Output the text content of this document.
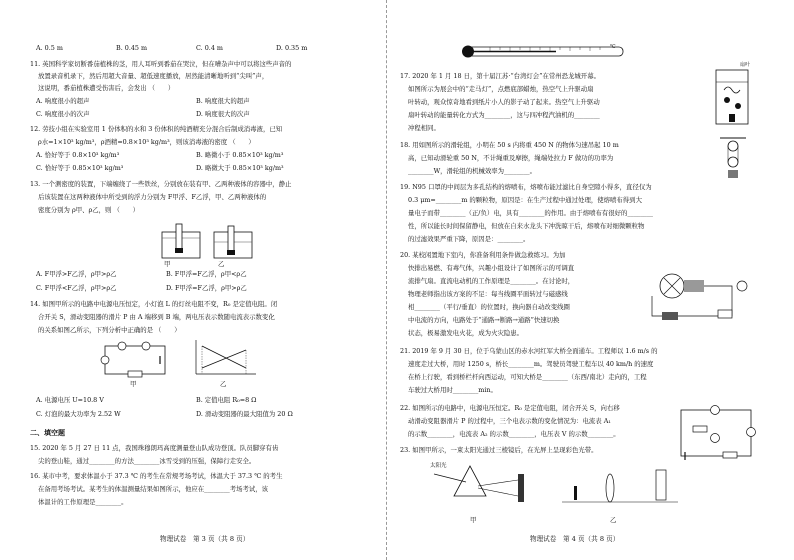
A. 0.5 m	B. 0.45 m	C. 0.4 m	D. 0.35 m
11. 英国科学家切断番茄植株的茎，用人耳听到番茄在哭泣，但在嘈杂声中可以将这些声音的
放置录音机录下，然后用超大音量、超低速度播放，居然能清晰地听到“尖叫”声，
这说明，番茄植株遭受伤害后，会发出 （　　）
A. 响度很小的超声	B. 响度很大的超声
C. 响度很小的次声	D. 响度很大的次声
12. 劳技小组在实验室用 1 份体积的水和 3 份体积的纯酒精充分混合后制成消毒液，已知
ρ水=1×10³ kg/m³，ρ酒精=0.8×10³ kg/m³，则该消毒液的密度 （　　）
A. 恰好等于 0.8×10³ kg/m³	B. 略微小于 0.85×10³ kg/m³
C. 恰好等于 0.85×10³ kg/m³	D. 略微大于 0.85×10³ kg/m³
13. 一个测密度的装置，下端缠绕了一些铁丝，分别放在装有甲、乙两种液体的容器中，静止
后该装置在这两种液体中所受到的浮力分别为 F甲浮、F乙浮，甲、乙两种液体的
密度分别为 ρ甲、ρ乙，则 （　　）
甲	乙
A. F甲浮>F乙浮，ρ甲>ρ乙	B. F甲浮=F乙浮，ρ甲<ρ乙
C. F甲浮<F乙浮，ρ甲>ρ乙	D. F甲浮=F乙浮，ρ甲>ρ乙
14. 如图甲所示的电路中电源电压恒定，小灯泡 L 的灯丝电阻不变，R₀ 是定值电阻。闭
合开关 S，滑动变阻器的滑片 P 由 A 端移到 B 端，两电压表示数随电流表示数变化
的关系如图乙所示，下列分析中正确的是 （　　）
甲	乙
A. 电源电压 U=10.8 V	B. 定值电阻 R₀=8 Ω
C. 灯泡的最大功率为 2.52 W	D. 滑动变阻器的最大阻值为 20 Ω
二、填空题
15. 2020 年 5 月 27 日 11 点，我国珠穆朗玛高度测量登山队成功登顶。队员脚穿有齿
尖的登山鞋，通过________的方法________冰雪受到的压强，保障行走安全。
16. 某市中考，要求体温小于 37.3 ℃ 的考生在常规考场考试，体温大于 37.3 ℃ 的考生
在备用考场考试。某考生的体温测量结果如图所示，他应在________考场考试，该
体温计的工作原理是________。
物理试卷　第 3 页（共 8 页）
℃
17. 2020 年 1 月 18 日，第十届江苏·“台湾灯会”在常州恐龙城开幕。
如图所示为展会中的“走马灯”，点燃底部蜡烛，热空气上升驱动扇
叶转动，观众惊奇地看到纸片小人的影子动了起来。热空气上升驱动
扇叶转动的能量转化方式为________，这与四冲程汽油机的________
冲程相同。
扇叶
18. 用如图所示的滑轮组，小明在 50 s 内将重 450 N 的物体匀速吊起 10 m
高，已知动滑轮重 50 N，不计绳重及摩擦，绳端处拉力 F 做功的功率为
________W，滑轮组的机械效率为________。
19. N95 口罩的中间层为多孔结构的熔喷布，熔喷布能过滤比自身空隙小得多，直径仅为
0.3 μm=________m 的颗粒物，原因是：在生产过程中通过处理，使熔喷布得到大
量电子而带________（正/负）电，具有________的作用。由于熔喷布有很好的________
性，所以能长时间保留静电，但放在自来水龙头下冲洗晾干后，熔喷布对细微颗粒物
的过滤效果严重下降，原因是：________。
20. 某校闲置地下室内，你准备利用条件做急救练习。为加
快排出易燃、有毒气体，兴趣小组设计了如图所示的可调直
流排气扇。直流电动机的工作原理是________。在讨论时，
物理老师指出该方案的不足：每当线圈平面转过与磁感线
相________（平行/垂直）的位置时，换向器自动改变线圈
中电流的方向，电路处于“通路→断路→通路”快速切换
状态，极易激发电火花，成为火灾隐患。
21. 2019 年 9 月 30 日，位于乌蒙山区的赤水河红军大桥全面通车。工程师以 1.6 m/s 的
速度走过大桥，用时 1250 s，桥长________m。驾驶员驾驶工程车以 40 km/h 的速度
在桥上行驶，看到桥栏杆向西运动，可知大桥是________（东西/南北）走向的，工程
车驶过大桥用时________min。
22. 如图所示的电路中，电源电压恒定。R₀ 是定值电阻，闭合开关 S，向右移
动滑动变阻器滑片 P 的过程中，三个电表示数的变化情况为：电流表 A₁
的示数________，电流表 A₂ 的示数________，电压表 V 的示数________。
23. 如图甲所示，一束太阳光通过三棱镜后，在光屏上呈现彩色光带。
太阳光
甲	乙
物理试卷　第 4 页（共 8 页）
